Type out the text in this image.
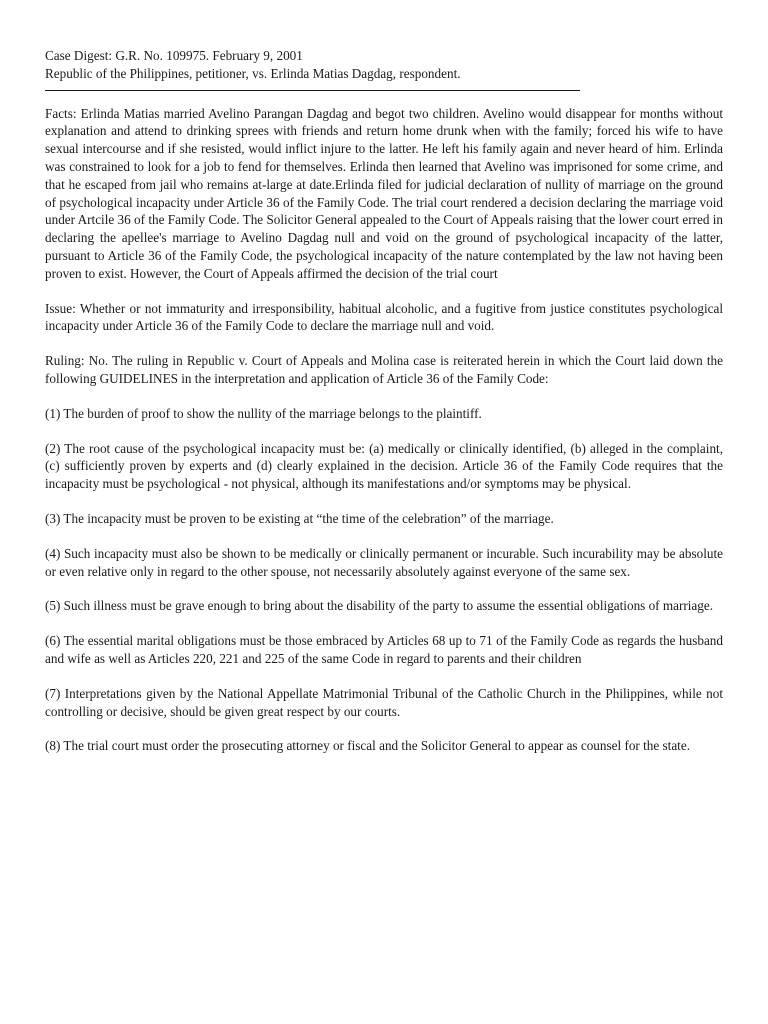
Case Digest: G.R. No. 109975. February 9, 2001

Republic of the Philippines, petitioner, vs. Erlinda Matias Dagdag, respondent.

Facts: Erlinda Matias married Avelino Parangan Dagdag and begot two children. Avelino would disappear for months without explanation and attend to drinking sprees with friends and return home drunk when with the family; forced his wife to have sexual intercourse and if she resisted, would inflict injure to the latter. He left his family again and never heard of him. Erlinda was constrained to look for a job to fend for themselves. Erlinda then learned that Avelino was imprisoned for some crime, and that he escaped from jail who remains at-large at date.Erlinda filed for judicial declaration of nullity of marriage on the ground of psychological incapacity under Article 36 of the Family Code. The trial court rendered a decision declaring the marriage void under Artcile 36 of the Family Code. The Solicitor General appealed to the Court of Appeals raising that the lower court erred in declaring the apellee's marriage to Avelino Dagdag null and void on the ground of psychological incapacity of the latter, pursuant to Article 36 of the Family Code, the psychological incapacity of the nature contemplated by the law not having been proven to exist. However, the Court of Appeals affirmed the decision of the trial court

Issue: Whether or not immaturity and irresponsibility, habitual alcoholic, and a fugitive from justice constitutes psychological incapacity under Article 36 of the Family Code to declare the marriage null and void.

Ruling: No. The ruling in Republic v. Court of Appeals and Molina case is reiterated herein in which the Court laid down the following GUIDELINES in the interpretation and application of Article 36 of the Family Code:

(1) The burden of proof to show the nullity of the marriage belongs to the plaintiff.

(2) The root cause of the psychological incapacity must be: (a) medically or clinically identified, (b) alleged in the complaint, (c) sufficiently proven by experts and (d) clearly explained in the decision. Article 36 of the Family Code requires that the incapacity must be psychological - not physical, although its manifestations and/or symptoms may be physical.

(3) The incapacity must be proven to be existing at “the time of the celebration” of the marriage.

(4) Such incapacity must also be shown to be medically or clinically permanent or incurable. Such incurability may be absolute or even relative only in regard to the other spouse, not necessarily absolutely against everyone of the same sex.

(5) Such illness must be grave enough to bring about the disability of the party to assume the essential obligations of marriage.

(6) The essential marital obligations must be those embraced by Articles 68 up to 71 of the Family Code as regards the husband and wife as well as Articles 220, 221 and 225 of the same Code in regard to parents and their children

(7) Interpretations given by the National Appellate Matrimonial Tribunal of the Catholic Church in the Philippines, while not controlling or decisive, should be given great respect by our courts.

(8) The trial court must order the prosecuting attorney or fiscal and the Solicitor General to appear as counsel for the state.
